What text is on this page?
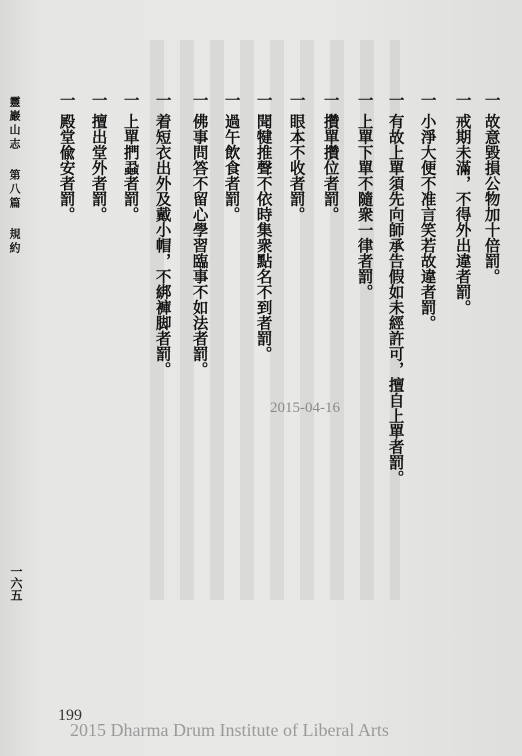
一故意毀損公物加十倍罰。
一戒期未滿，不得外出違者罰。
一小淨大便不准言笑若故違者罰。
一有故上單須先向師承告假如未經許可，擅自上單者罰。
一上單下單不隨衆一律者罰。
一攢單攢位者罰。
一眼本不收者罰。
一聞犍推聲不依時集衆點名不到者罰。
一過午飲食者罰。
一佛事問答不留心學習臨事不如法者罰。
一着短衣出外及戴小帽，不綁褲脚者罰。
一上單捫蝨者罰。
一擅出堂外者罰。
一殿堂偸安者罰。
靈巖山志 第八篇 規約
一六五
2015-04-16
199
2015 Dharma Drum Institute of Liberal Arts
